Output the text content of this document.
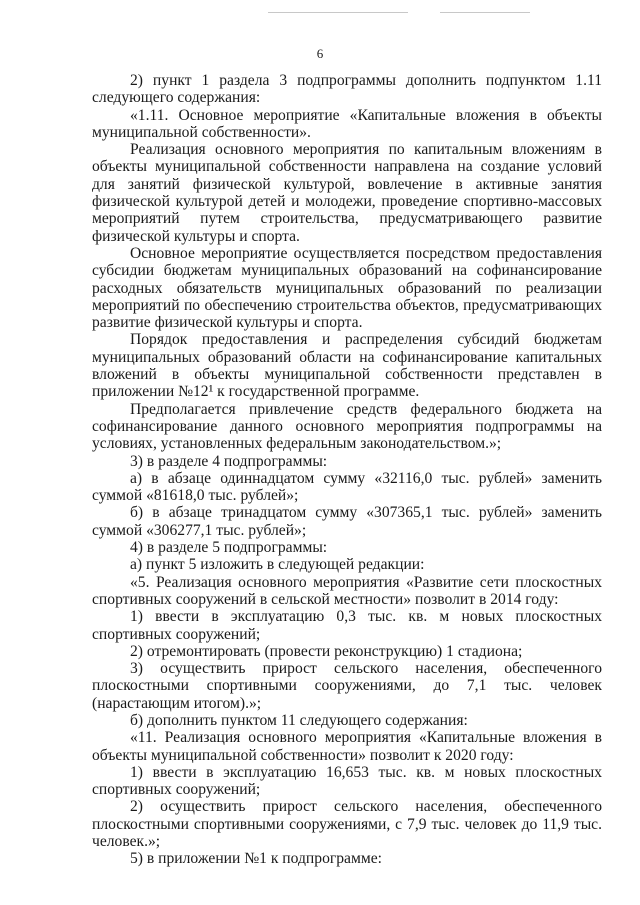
6

2) пункт 1 раздела 3 подпрограммы дополнить подпунктом 1.11 следующего содержания:

«1.11. Основное мероприятие «Капитальные вложения в объекты муниципальной собственности».

Реализация основного мероприятия по капитальным вложениям в объекты муниципальной собственности направлена на создание условий для занятий физической культурой, вовлечение в активные занятия физической культурой детей и молодежи, проведение спортивно-массовых мероприятий путем строительства, предусматривающего развитие физической культуры и спорта.

Основное мероприятие осуществляется посредством предоставления субсидии бюджетам муниципальных образований на софинансирование расходных обязательств муниципальных образований по реализации мероприятий по обеспечению строительства объектов, предусматривающих развитие физической культуры и спорта.

Порядок предоставления и распределения субсидий бюджетам муниципальных образований области на софинансирование капитальных вложений в объекты муниципальной собственности представлен в приложении №12¹ к государственной программе.

Предполагается привлечение средств федерального бюджета на софинансирование данного основного мероприятия подпрограммы на условиях, установленных федеральным законодательством.»;

3) в разделе 4 подпрограммы:

а) в абзаце одиннадцатом сумму «32116,0 тыс. рублей» заменить суммой «81618,0 тыс. рублей»;

б) в абзаце тринадцатом сумму «307365,1 тыс. рублей» заменить суммой «306277,1 тыс. рублей»;

4) в разделе 5 подпрограммы:

а) пункт 5 изложить в следующей редакции:

«5. Реализация основного мероприятия «Развитие сети плоскостных спортивных сооружений в сельской местности» позволит в 2014 году:

1) ввести в эксплуатацию 0,3 тыс. кв. м новых плоскостных спортивных сооружений;

2) отремонтировать (провести реконструкцию) 1 стадиона;

3) осуществить прирост сельского населения, обеспеченного плоскостными спортивными сооружениями, до 7,1 тыс. человек (нарастающим итогом).»;

б) дополнить пунктом 11 следующего содержания:

«11. Реализация основного мероприятия «Капитальные вложения в объекты муниципальной собственности» позволит к 2020 году:

1) ввести в эксплуатацию 16,653 тыс. кв. м новых плоскостных спортивных сооружений;

2) осуществить прирост сельского населения, обеспеченного плоскостными спортивными сооружениями, с 7,9 тыс. человек до 11,9 тыс. человек.»;

5) в приложении №1 к подпрограмме:
